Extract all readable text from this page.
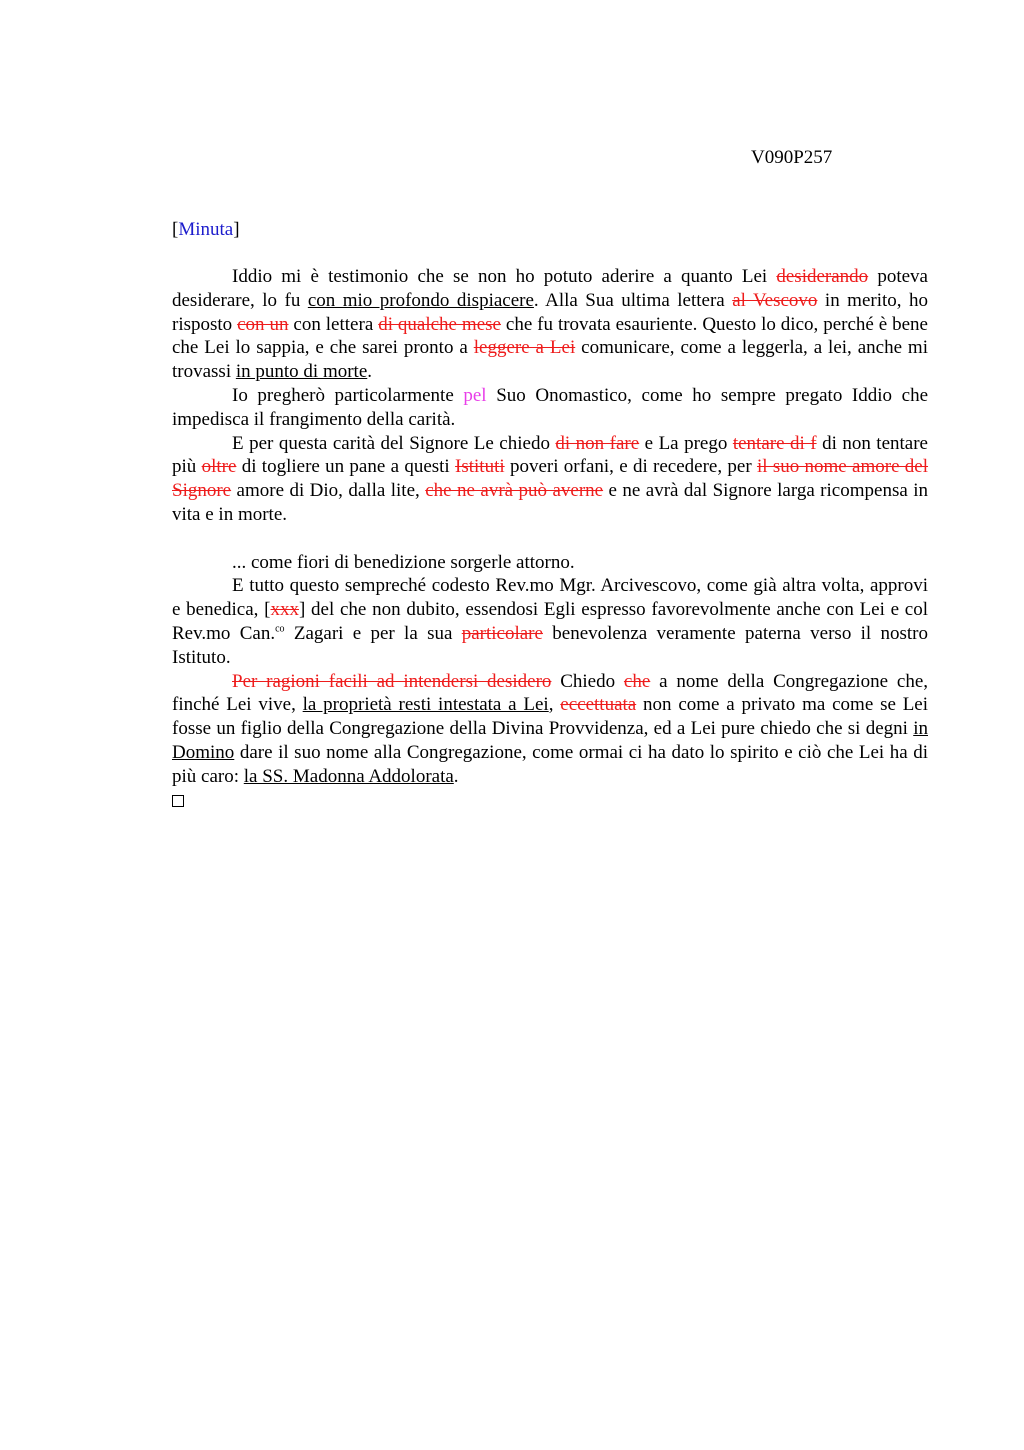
V090P257
[Minuta]

Iddio mi è testimonio che se non ho potuto aderire a quanto Lei desiderando poteva desiderare, lo fu con mio profondo dispiacere. Alla Sua ultima lettera al Vescovo in merito, ho risposto con un con lettera di qualche mese che fu trovata esauriente. Questo lo dico, perché è bene che Lei lo sappia, e che sarei pronto a leggere a Lei comunicare, come a leggerla, a lei, anche mi trovassi in punto di morte.

Io pregherò particolarmente pel Suo Onomastico, come ho sempre pregato Iddio che impedisca il frangimento della carità.

E per questa carità del Signore Le chiedo di non fare e La prego tentare di f di non tentare più oltre di togliere un pane a questi Istituti poveri orfani, e di recedere, per il suo nome amore del Signore amore di Dio, dalla lite, che ne avrà può averne e ne avrà dal Signore larga ricompensa in vita e in morte.

... come fiori di benedizione sorgerle attorno.

E tutto questo sempreché codesto Rev.mo Mgr. Arcivescovo, come già altra volta, approvi e benedica, [xxx] del che non dubito, essendosi Egli espresso favorevolmente anche con Lei e col Rev.mo Can.$^{co}$ Zagari e per la sua particolare benevolenza veramente paterna verso il nostro Istituto.

Per ragioni facili ad intendersi desidero Chiedo che a nome della Congregazione che, finché Lei vive, la proprietà resti intestata a Lei, eccettuata non come a privato ma come se Lei fosse un figlio della Congregazione della Divina Provvidenza, ed a Lei pure chiedo che si degni in Domino dare il suo nome alla Congregazione, come ormai ci ha dato lo spirito e ciò che Lei ha di più caro: la SS. Madonna Addolorata.
